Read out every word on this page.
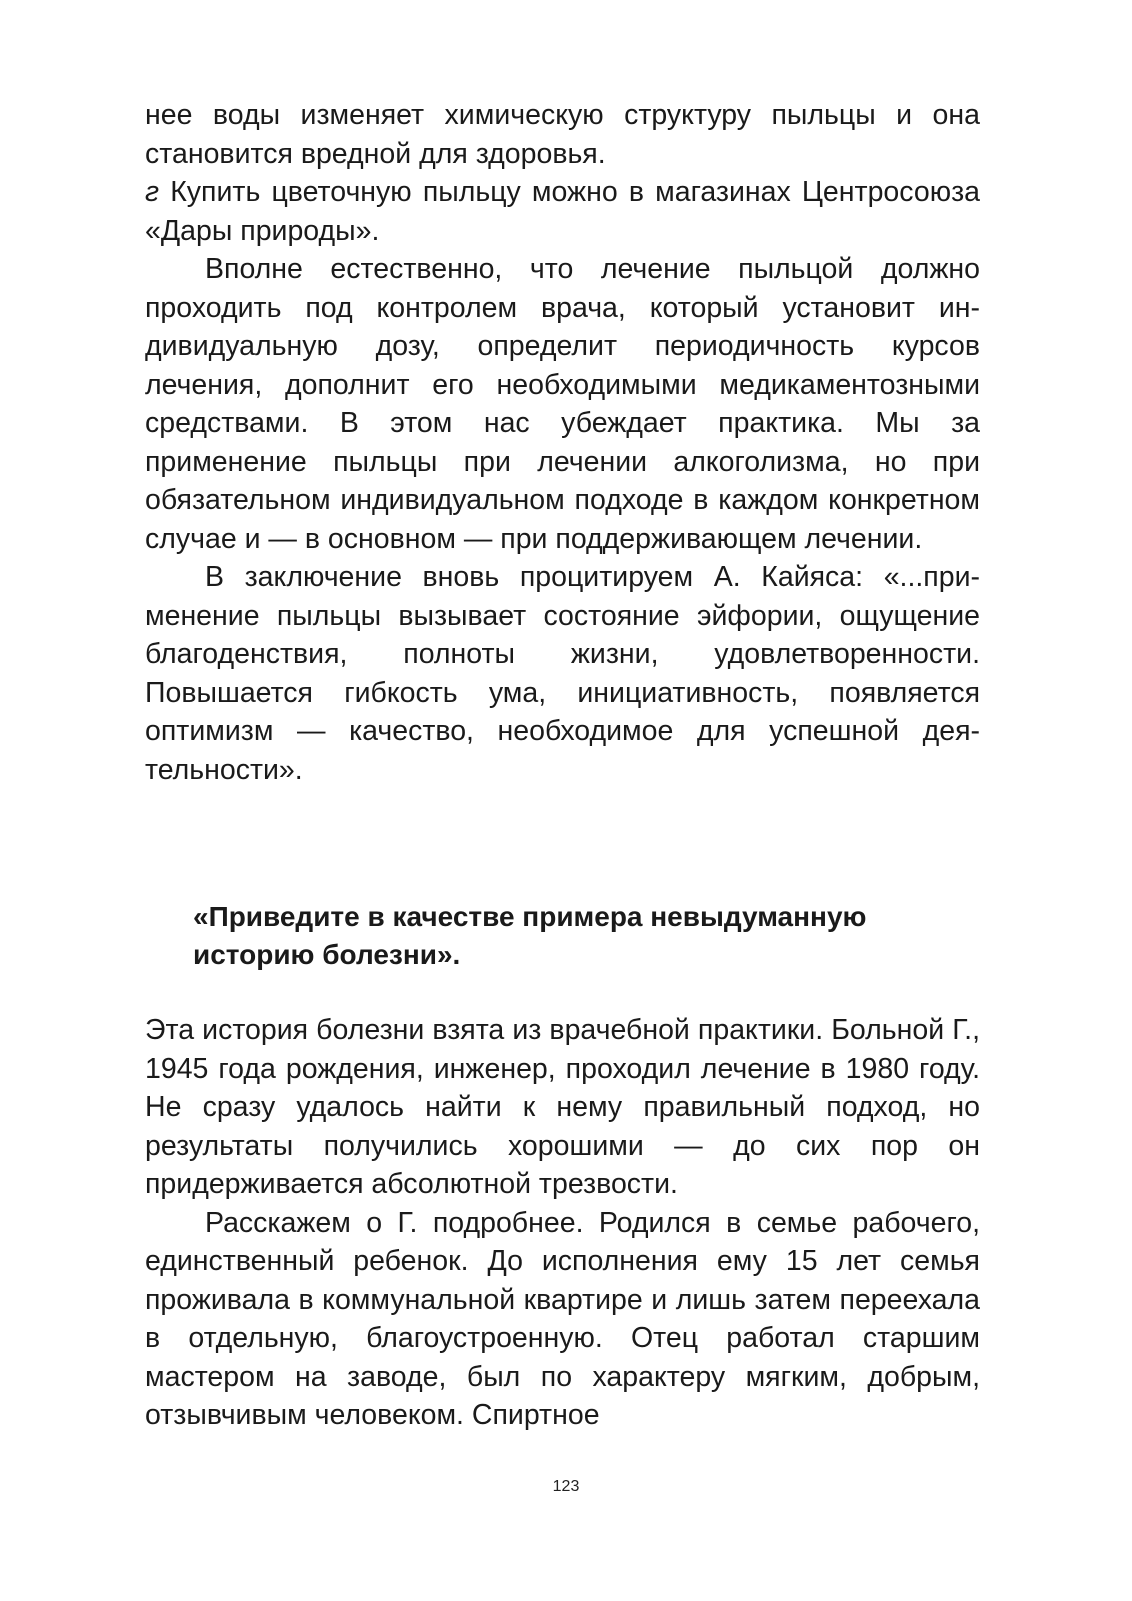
нее воды изменяет химическую структуру пыльцы и она становится вредной для здоровья.

г Купить цветочную пыльцу можно в магазинах Центросоюза «Дары природы».

Вполне естественно, что лечение пыльцой должно проходить под контролем врача, который установит индивидуальную дозу, определит периодичность курсов лечения, дополнит его необходимыми медикаментозными средствами. В этом нас убеждает практика. Мы за применение пыльцы при лечении алкоголизма, но при обязательном индивидуальном подходе в каждом конкретном случае и — в основном — при поддерживающем лечении.

В заключение вновь процитируем А. Кайяса: «...применение пыльцы вызывает состояние эйфории, ощущение благоденствия, полноты жизни, удовлетворенности. Повышается гибкость ума, инициативность, появляется оптимизм — качество, необходимое для успешной деятельности».

«Приведите в качестве примера невыдуманную историю болезни».

Эта история болезни взята из врачебной практики. Больной Г., 1945 года рождения, инженер, проходил лечение в 1980 году. Не сразу удалось найти к нему правильный подход, но результаты получились хорошими — до сих пор он придерживается абсолютной трезвости.

Расскажем о Г. подробнее. Родился в семье рабочего, единственный ребенок. До исполнения ему 15 лет семья проживала в коммунальной квартире и лишь затем переехала в отдельную, благоустроенную. Отец работал старшим мастером на заводе, был по характеру мягким, добрым, отзывчивым человеком. Спиртное

123
